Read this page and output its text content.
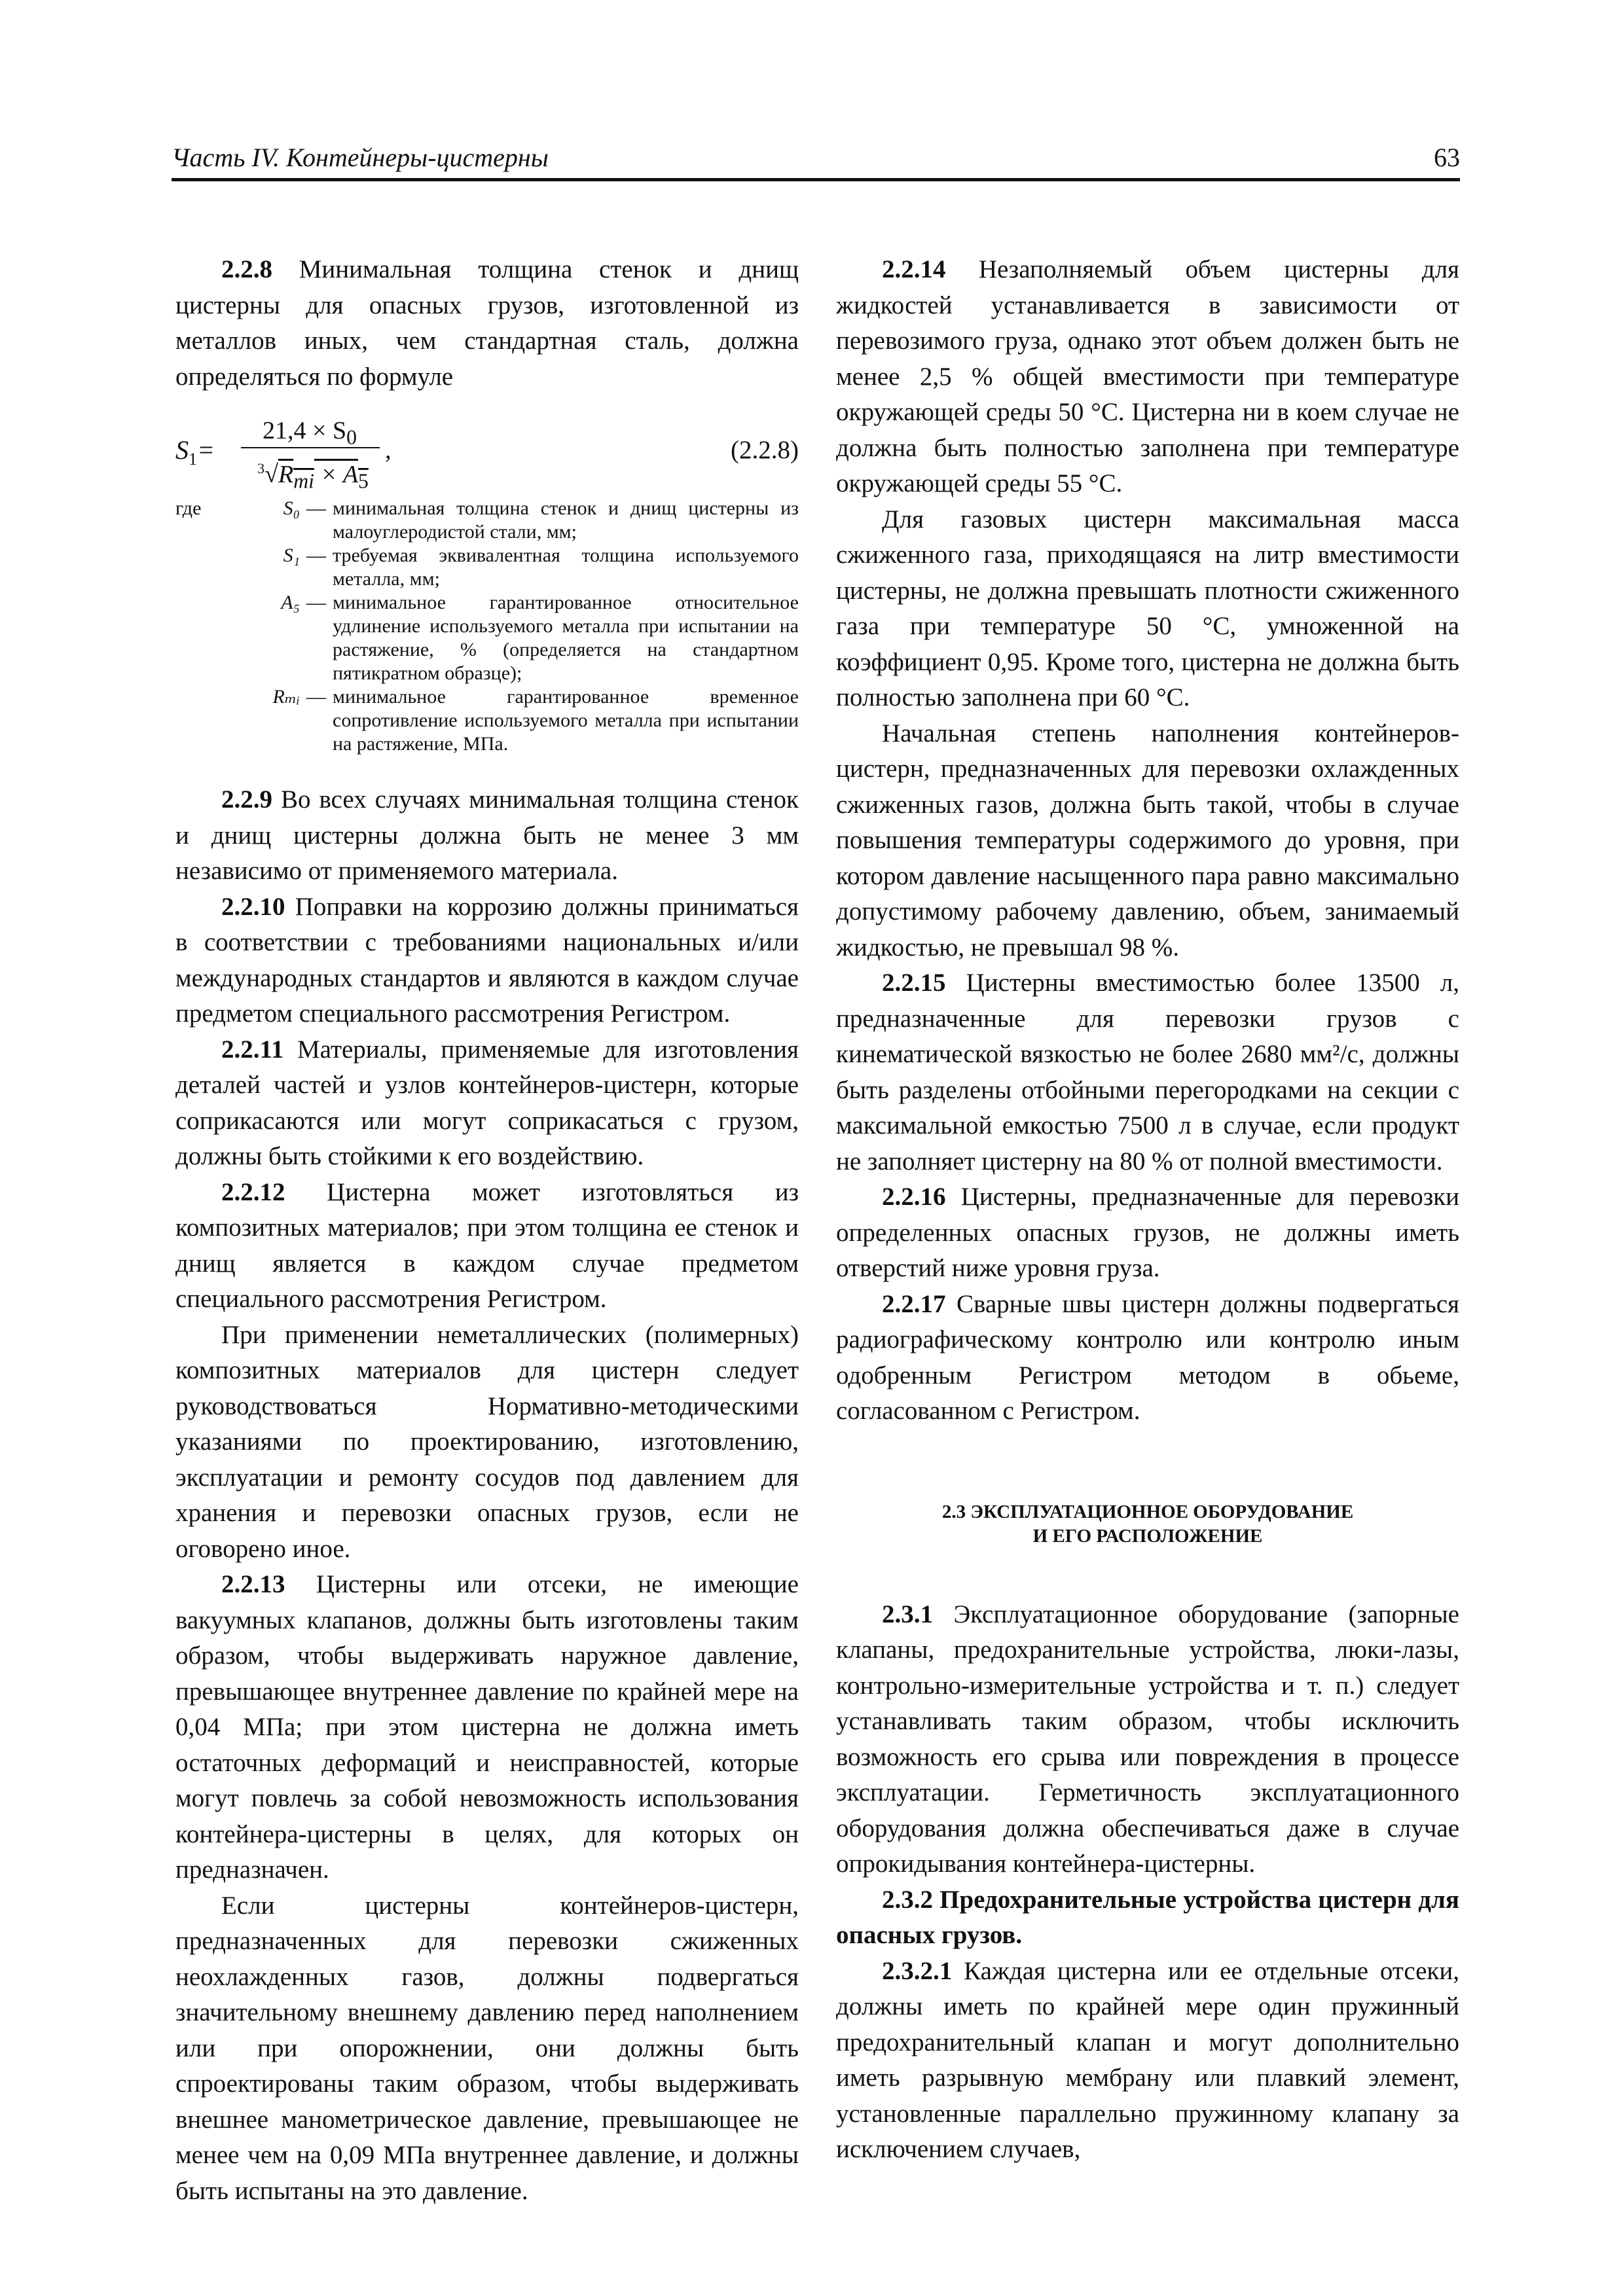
Часть IV. Контейнеры-цистерны	63

2.2.8 Минимальная толщина стенок и днищ цистерны для опасных грузов, изготовленной из металлов иных, чем стандартная сталь, должна определяться по формуле

$S_1=$
$21,4 \times S_0$
$^3√R_{mi} \times A_5$
,	(2.2.8)
где	S₀ — минимальная толщина стенок и днищ цистерны из малоуглеродистой стали, мм;
S₁ — требуемая эквивалентная толщина используемого металла, мм;
A₅ — минимальное гарантированное относительное удлинение используемого металла при испытании на растяжение, % (определяется на стандартном пятикратном образце);
Rₘᵢ — минимальное гарантированное временное сопротивление используемого металла при испытании на растяжение, МПа.

2.2.9 Во всех случаях минимальная толщина стенок и днищ цистерны должна быть не менее 3 мм независимо от применяемого материала.

2.2.10 Поправки на коррозию должны приниматься в соответствии с требованиями национальных и/или международных стандартов и являются в каждом случае предметом специального рассмотрения Регистром.

2.2.11 Материалы, применяемые для изготовления деталей частей и узлов контейнеров-цистерн, которые соприкасаются или могут соприкасаться с грузом, должны быть стойкими к его воздействию.

2.2.12 Цистерна может изготовляться из композитных материалов; при этом толщина ее стенок и днищ является в каждом случае предметом специального рассмотрения Регистром.

При применении неметаллических (полимерных) композитных материалов для цистерн следует руководствоваться Нормативно-методическими указаниями по проектированию, изготовлению, эксплуатации и ремонту сосудов под давлением для хранения и перевозки опасных грузов, если не оговорено иное.

2.2.13 Цистерны или отсеки, не имеющие вакуумных клапанов, должны быть изготовлены таким образом, чтобы выдерживать наружное давление, превышающее внутреннее давление по крайней мере на 0,04 МПа; при этом цистерна не должна иметь остаточных деформаций и неисправностей, которые могут повлечь за собой невозможность использования контейнера-цистерны в целях, для которых он предназначен.

Если цистерны контейнеров-цистерн, предназначенных для перевозки сжиженных неохлажденных газов, должны подвергаться значительному внешнему давлению перед наполнением или при опорожнении, они должны быть спроектированы таким образом, чтобы выдерживать внешнее манометрическое давление, превышающее не менее чем на 0,09 МПа внутреннее давление, и должны быть испытаны на это давление.

2.2.14 Незаполняемый объем цистерны для жидкостей устанавливается в зависимости от перевозимого груза, однако этот объем должен быть не менее 2,5 % общей вместимости при температуре окружающей среды 50 °С. Цистерна ни в коем случае не должна быть полностью заполнена при температуре окружающей среды 55 °С.

Для газовых цистерн максимальная масса сжиженного газа, приходящаяся на литр вместимости цистерны, не должна превышать плотности сжиженного газа при температуре 50 °С, умноженной на коэффициент 0,95. Кроме того, цистерна не должна быть полностью заполнена при 60 °С.

Начальная степень наполнения контейнеров-цистерн, предназначенных для перевозки охлажденных сжиженных газов, должна быть такой, чтобы в случае повышения температуры содержимого до уровня, при котором давление насыщенного пара равно максимально допустимому рабочему давлению, объем, занимаемый жидкостью, не превышал 98 %.

2.2.15 Цистерны вместимостью более 13500 л, предназначенные для перевозки грузов с кинематической вязкостью не более 2680 мм²/с, должны быть разделены отбойными перегородками на секции с максимальной емкостью 7500 л в случае, если продукт не заполняет цистерну на 80 % от полной вместимости.

2.2.16 Цистерны, предназначенные для перевозки определенных опасных грузов, не должны иметь отверстий ниже уровня груза.

2.2.17 Сварные швы цистерн должны подвергаться радиографическому контролю или контролю иным одобренным Регистром методом в обьеме, согласованном с Регистром.

2.3 ЭКСПЛУАТАЦИОННОЕ ОБОРУДОВАНИЕ
И ЕГО РАСПОЛОЖЕНИЕ

2.3.1 Эксплуатационное оборудование (запорные клапаны, предохранительные устройства, люки-лазы, контрольно-измерительные устройства и т. п.) следует устанавливать таким образом, чтобы исключить возможность его срыва или повреждения в процессе эксплуатации. Герметичность эксплуатационного оборудования должна обеспечиваться даже в случае опрокидывания контейнера-цистерны.

2.3.2 Предохранительные устройства цистерн для опасных грузов.

2.3.2.1 Каждая цистерна или ее отдельные отсеки, должны иметь по крайней мере один пружинный предохранительный клапан и могут дополнительно иметь разрывную мембрану или плавкий элемент, установленные параллельно пружинному клапану за исключением случаев,
